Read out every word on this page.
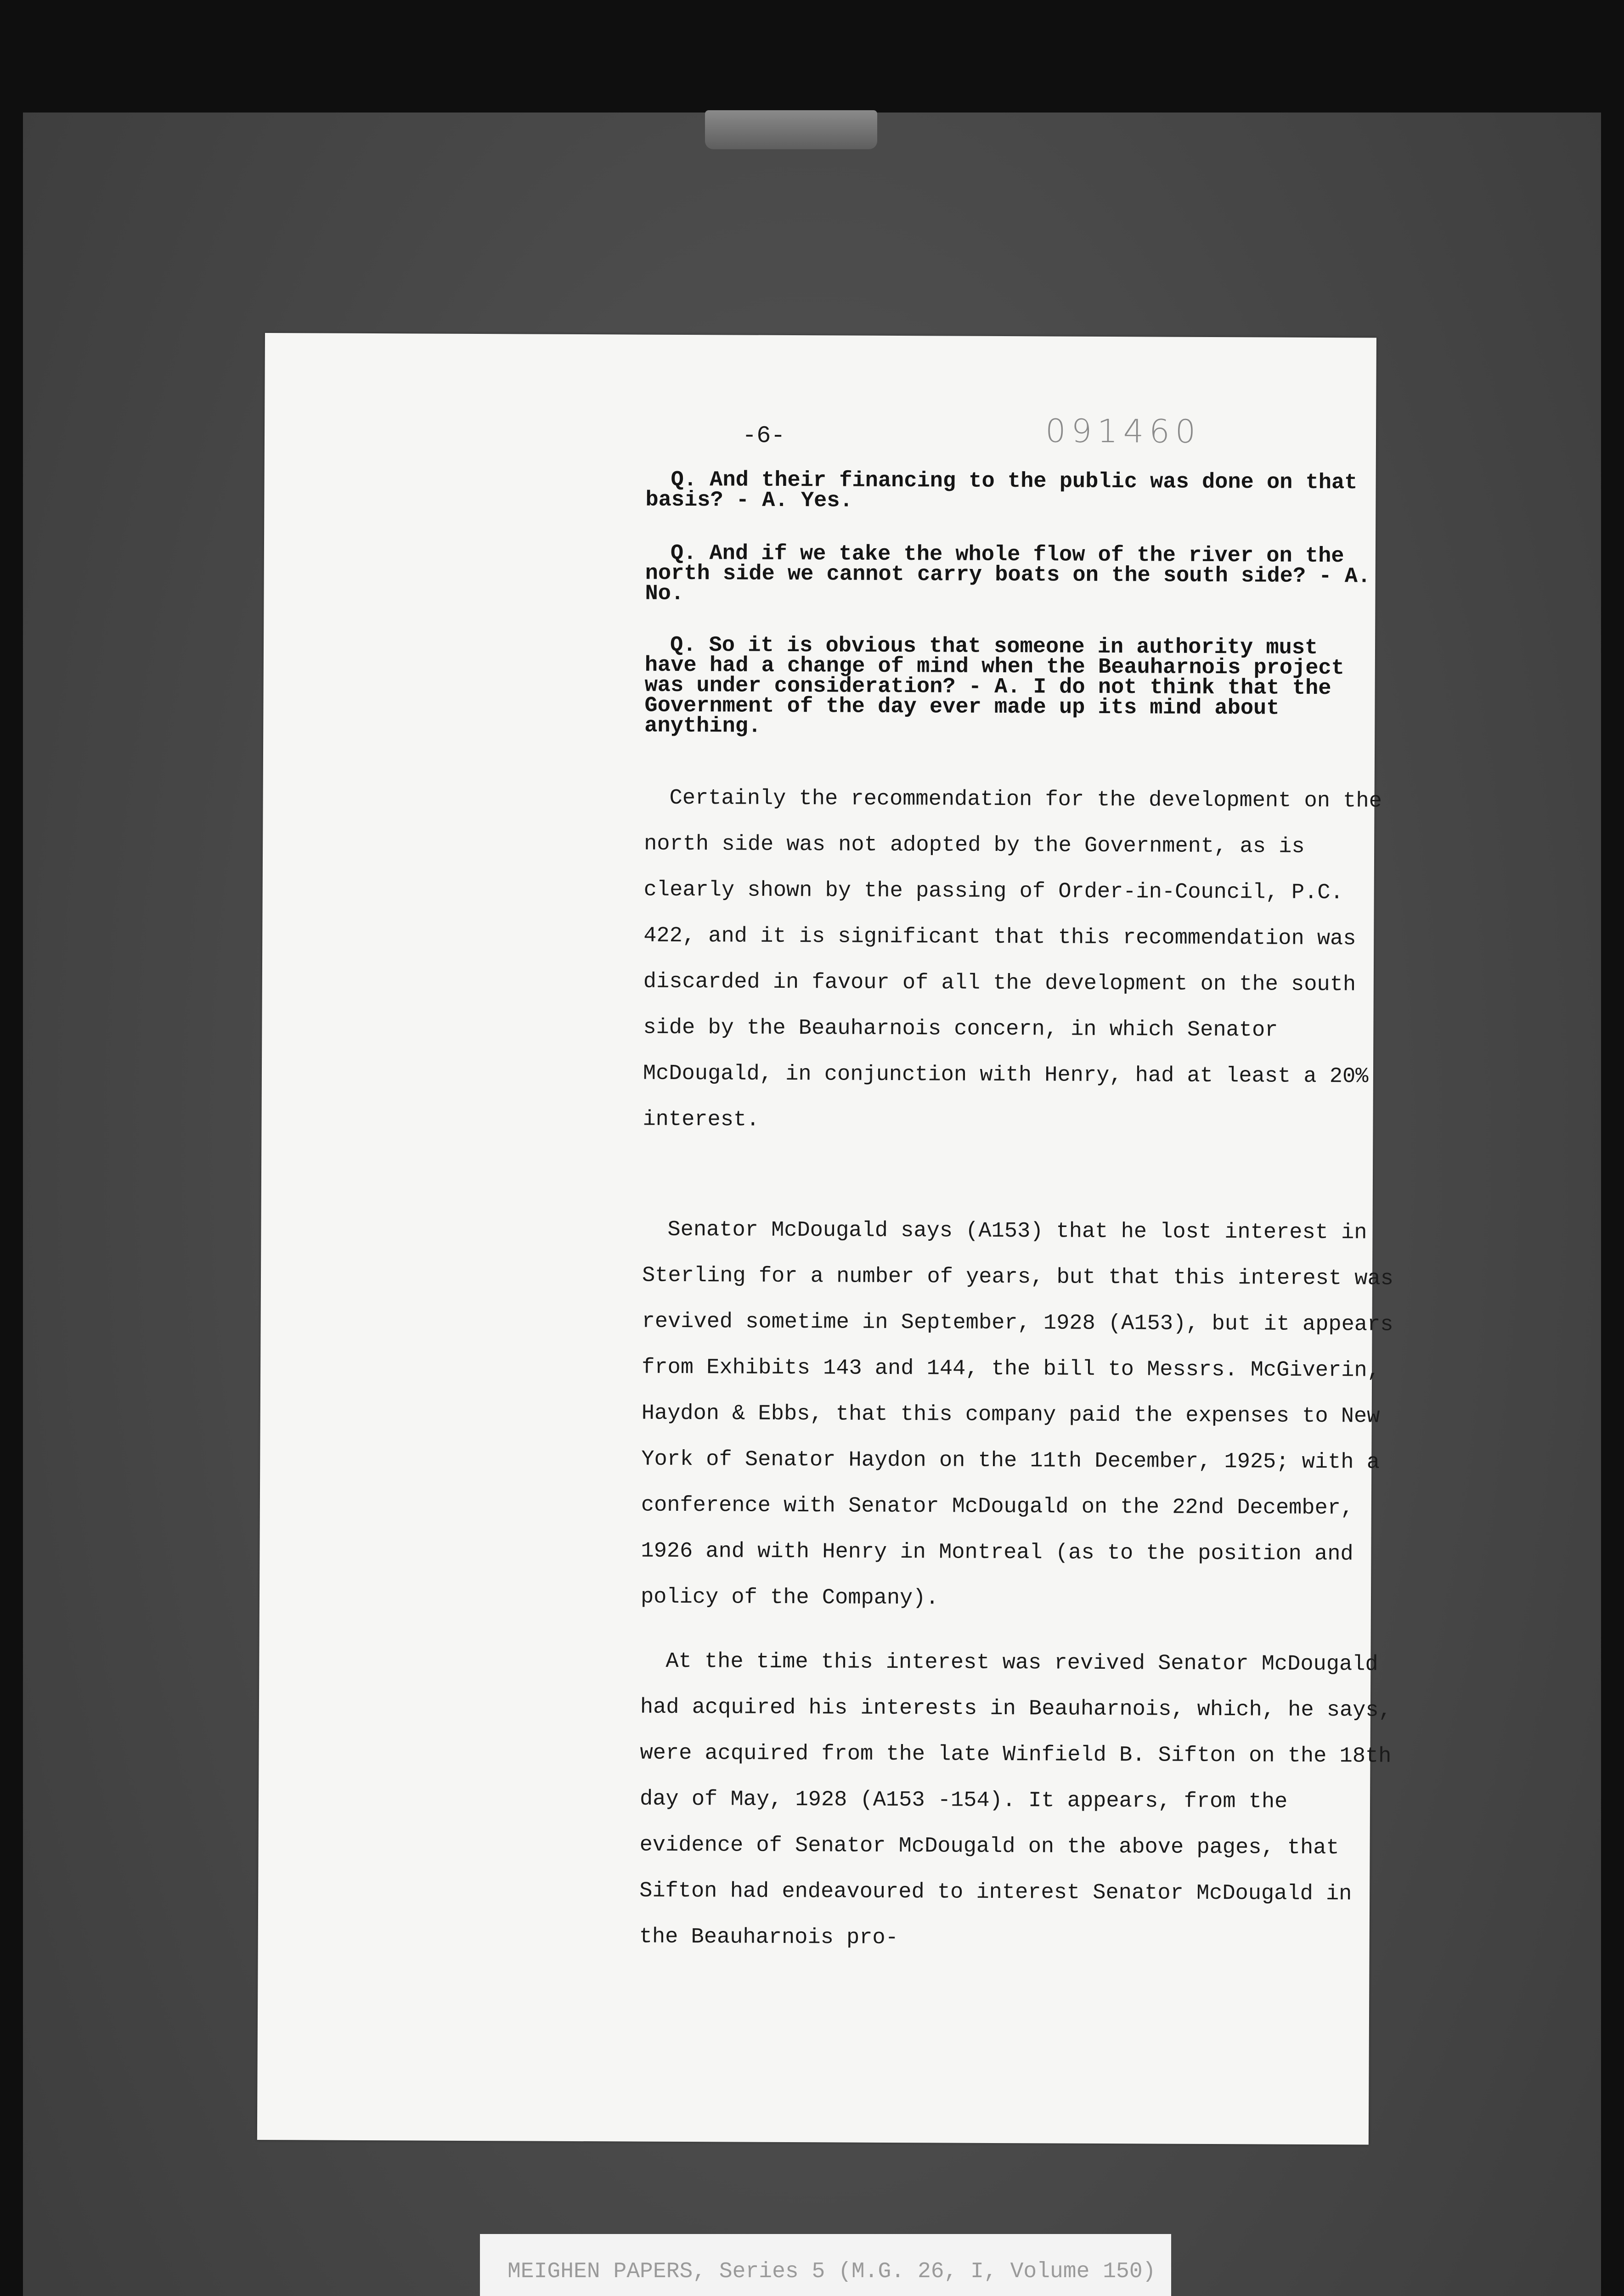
-6-	091460

Q. And their financing to the public was done on that basis? - A. Yes.

Q. And if we take the whole flow of the river on the north side we cannot carry boats on the south side? - A. No.

Q. So it is obvious that someone in authority must have had a change of mind when the Beauharnois project was under consideration? - A. I do not think that the Government of the day ever made up its mind about anything.

Certainly the recommendation for the development on the north side was not adopted by the Government, as is clearly shown by the passing of Order-in-Council, P.C. 422, and it is significant that this recommendation was discarded in favour of all the development on the south side by the Beauharnois concern, in which Senator McDougald, in conjunction with Henry, had at least a 20% interest.

Senator McDougald says (A153) that he lost interest in Sterling for a number of years, but that this interest was revived sometime in September, 1928 (A153), but it appears from Exhibits 143 and 144, the bill to Messrs. McGiverin, Haydon & Ebbs, that this company paid the expenses to New York of Senator Haydon on the 11th December, 1925; with a conference with Senator McDougald on the 22nd December, 1926 and with Henry in Montreal (as to the position and policy of the Company).

At the time this interest was revived Senator McDougald had acquired his interests in Beauharnois, which, he says, were acquired from the late Winfield B. Sifton on the 18th day of May, 1928 (A153 -154). It appears, from the evidence of Senator McDougald on the above pages, that Sifton had endeavoured to interest Senator McDougald in the Beauharnois pro-

MEIGHEN PAPERS, Series 5 (M.G. 26, I, Volume 150)
